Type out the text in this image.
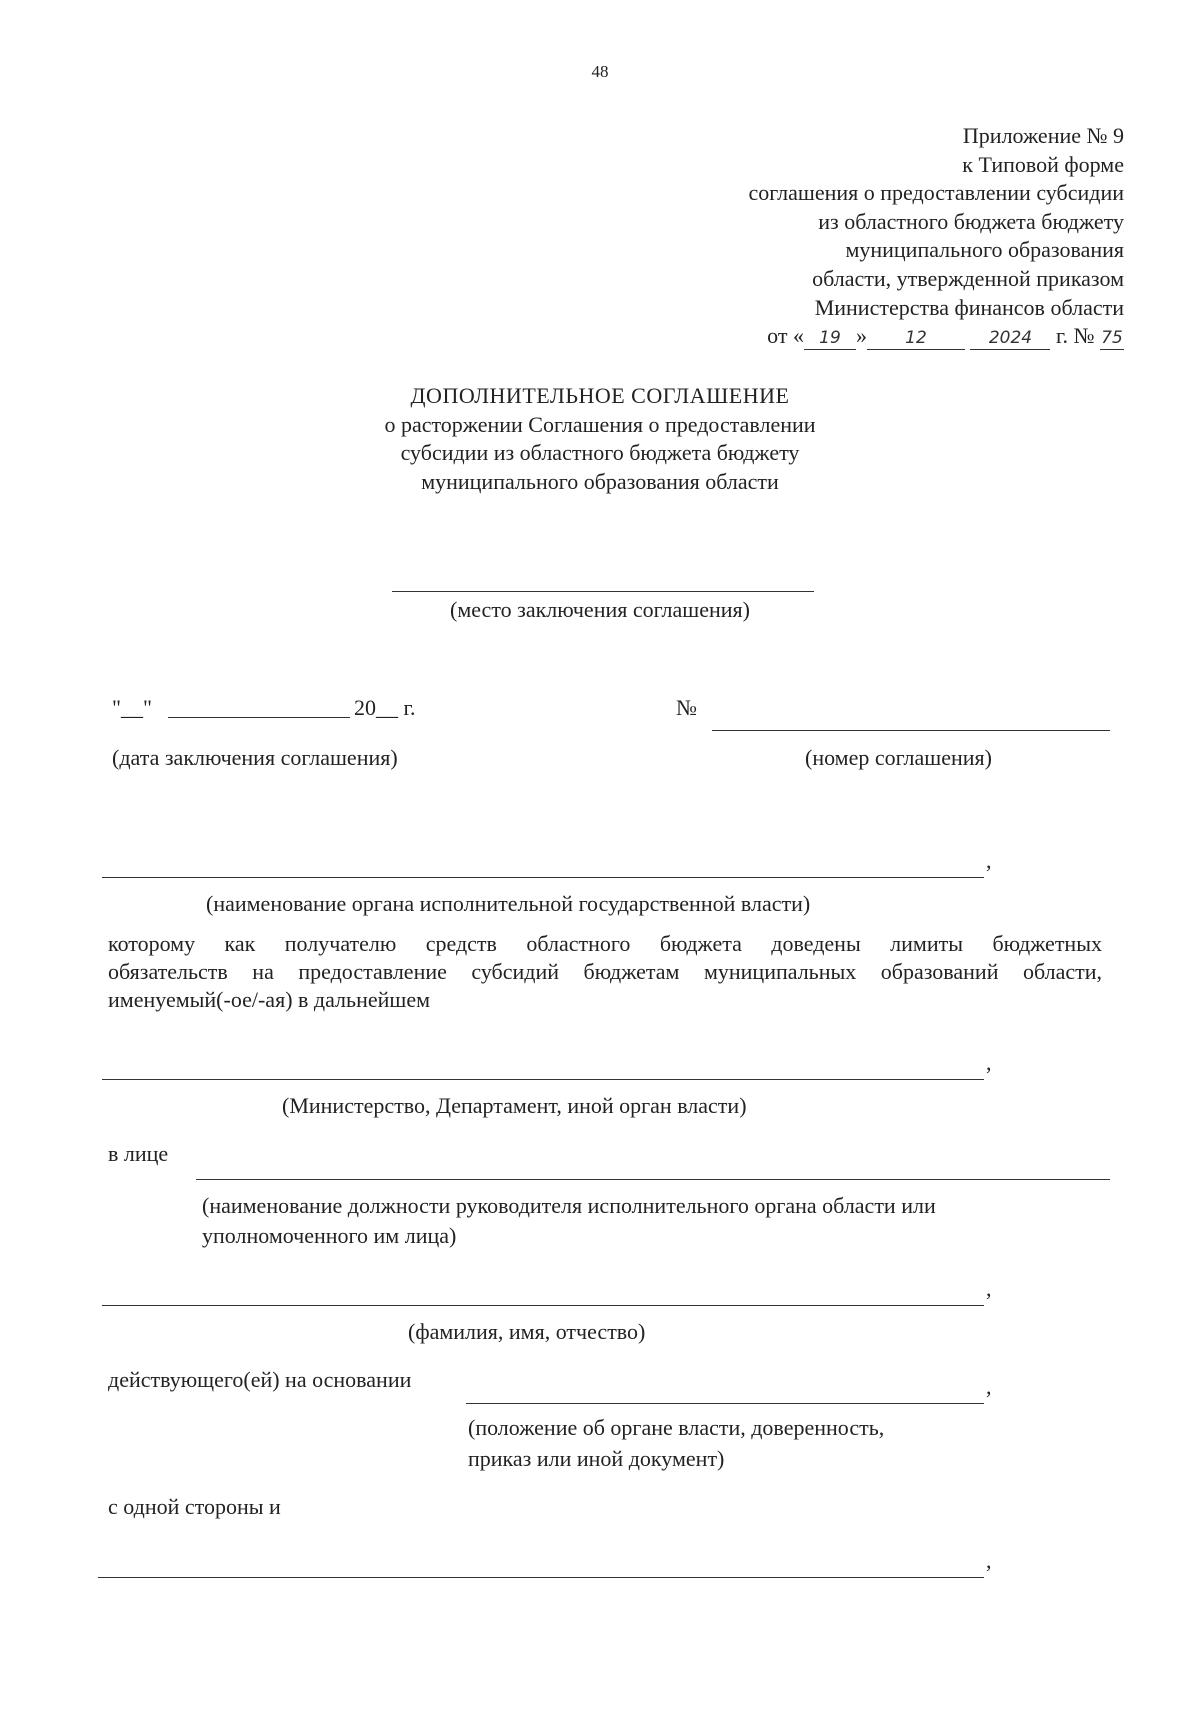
48
Приложение № 9
к Типовой форме
соглашения о предоставлении субсидии
из областного бюджета бюджету
муниципального образования
области, утвержденной приказом
Министерства финансов области
от « 19 » 12	2024 г. № 75
ДОПОЛНИТЕЛЬНОЕ СОГЛАШЕНИЕ
о расторжении Соглашения о предоставлении
субсидии из областного бюджета бюджету
муниципального образования области
(место заключения соглашения)
"__"	20__ г.	№
(дата заключения соглашения)	(номер соглашения)
,
(наименование органа исполнительной государственной власти)
которому как получателю средств областного бюджета доведены лимиты бюджетных
обязательств на предоставление субсидий бюджетам муниципальных образований области,
именуемый(-ое/-ая) в дальнейшем
,
(Министерство, Департамент, иной орган власти)
в лице
(наименование должности руководителя исполнительного органа области или
уполномоченного им лица)
,
(фамилия, имя, отчество)
действующего(ей) на основании	,
(положение об органе власти, доверенность,
приказ или иной документ)
с одной стороны и
,
